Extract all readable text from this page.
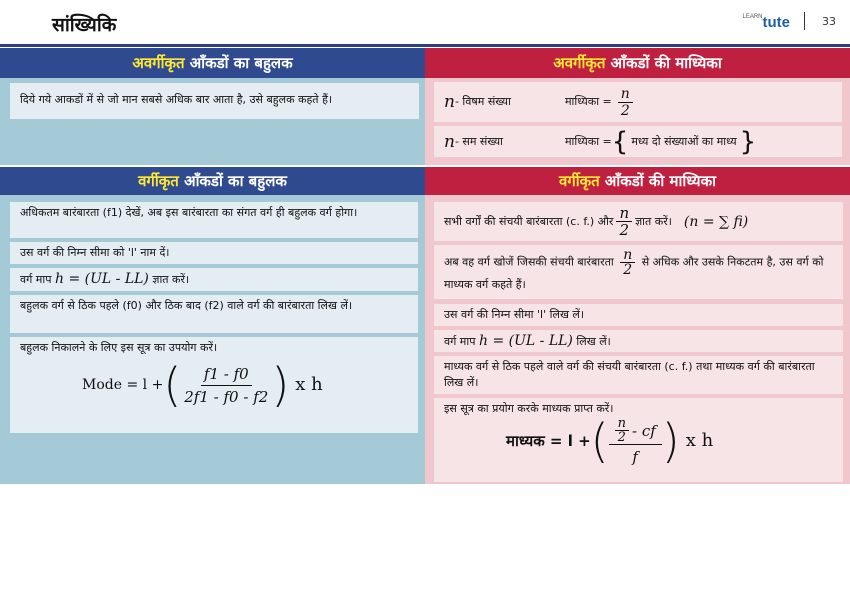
सांख्यिकि	$^{LEARN}$tute	33
अवर्गीकृत आँकडों का बहुलक
दिये गये आकडों में से जो मान सबसे अधिक बार आता है, उसे बहुलक कहते हैं।
अवर्गीकृत आँकडों की माध्यिका
n - विषम संख्या	माध्यिका = $\frac{n}{2}$
n - सम संख्या	माध्यिका = { मध्य दो संख्याओं का माध्य }
वर्गीकृत आँकडों का बहुलक
अधिकतम बारंबारता (f1) देखें, अब इस बारंबारता का संगत वर्ग ही बहुलक वर्ग होगा।
उस वर्ग की निम्न सीमा को 'l' नाम दें।
वर्ग माप h = (UL - LL) ज्ञात करें।
बहुलक वर्ग से ठिक पहले (f0) और ठिक बाद (f2) वाले वर्ग की बारंबारता लिख लें।
बहुलक निकालने के लिए इस सूत्र का उपयोग करें।
Mode = l + ( $\frac{f1 - f0}{2f1 - f0 - f2}$ ) x h
वर्गीकृत आँकडों की माध्यिका
सभी वर्गों की संचयी बारंबारता (c. f.) और $\frac{n}{2}$ ज्ञात करें। (n = ∑ fi)
अब वह वर्ग खोजें जिसकी संचयी बारंबारता $\frac{n}{2}$ से अधिक और उसके निकटतम है, उस वर्ग को माध्यक वर्ग कहते हैं।
उस वर्ग की निम्न सीमा 'l' लिख लें।
वर्ग माप h = (UL - LL) लिख लें।
माध्यक वर्ग से ठिक पहले वाले वर्ग की संचयी बारंबारता (c. f.) तथा माध्यक वर्ग की बारंबारता लिख लें।
इस सूत्र का प्रयोग करके माध्यक प्राप्त करें।
माध्यक = l + ( $\frac{\frac{n}{2} - cf}{f}$ ) x h
